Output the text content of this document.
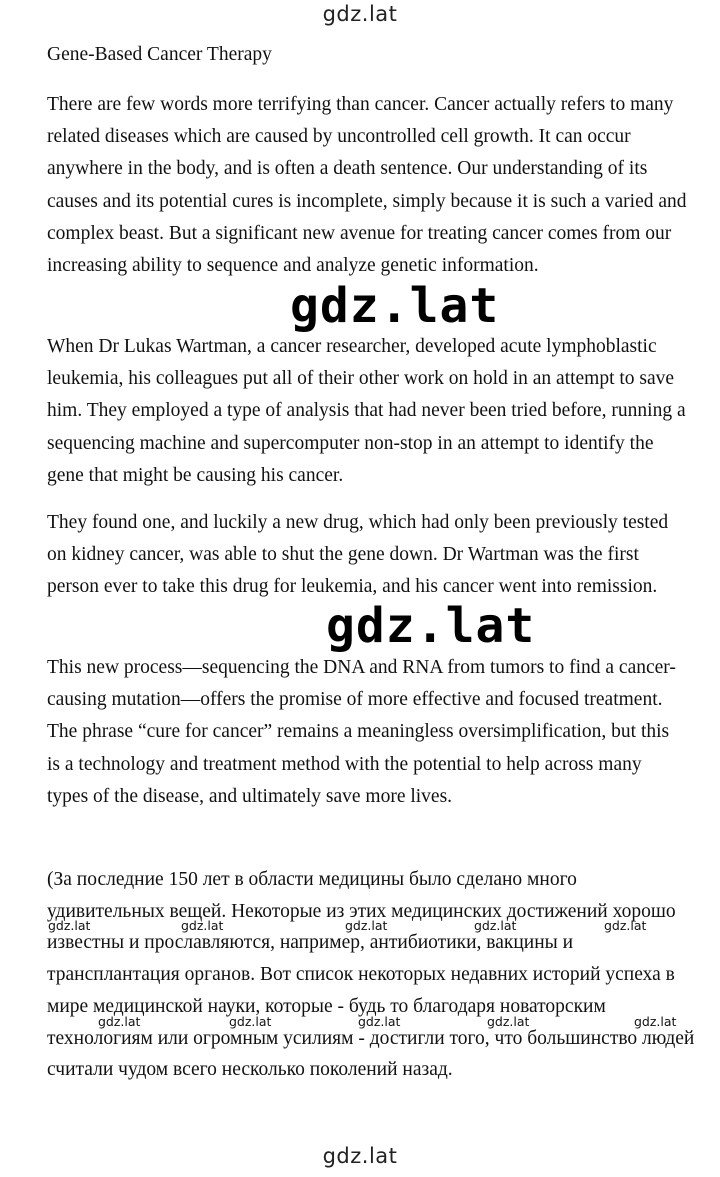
gdz.lat
Gene-Based Cancer Therapy

There are few words more terrifying than cancer. Cancer actually refers to many related diseases which are caused by uncontrolled cell growth. It can occur anywhere in the body, and is often a death sentence. Our understanding of its causes and its potential cures is incomplete, simply because it is such a varied and complex beast. But a significant new avenue for treating cancer comes from our increasing ability to sequence and analyze genetic information.

When Dr Lukas Wartman, a cancer researcher, developed acute lymphoblastic leukemia, his colleagues put all of their other work on hold in an attempt to save him. They employed a type of analysis that had never been tried before, running a sequencing machine and supercomputer non-stop in an attempt to identify the gene that might be causing his cancer.

They found one, and luckily a new drug, which had only been previously tested on kidney cancer, was able to shut the gene down. Dr Wartman was the first person ever to take this drug for leukemia, and his cancer went into remission.

This new process—sequencing the DNA and RNA from tumors to find a cancer-causing mutation—offers the promise of more effective and focused treatment. The phrase “cure for cancer” remains a meaningless oversimplification, but this is a technology and treatment method with the potential to help across many types of the disease, and ultimately save more lives.

(За последние 150 лет в области медицины было сделано много удивительных вещей. Некоторые из этих медицинских достижений хорошо известны и прославляются, например, антибиотики, вакцины и трансплантация органов. Вот список некоторых недавних историй успеха в мире медицинской науки, которые - будь то благодаря новаторским технологиям или огромным усилиям - достигли того, что большинство людей считали чудом всего несколько поколений назад.

gdz.lat
gdz.lat
gdz.lat	gdz.lat	gdz.lat	gdz.lat	gdz.lat
gdz.lat	gdz.lat	gdz.lat	gdz.lat	gdz.lat
gdz.lat
